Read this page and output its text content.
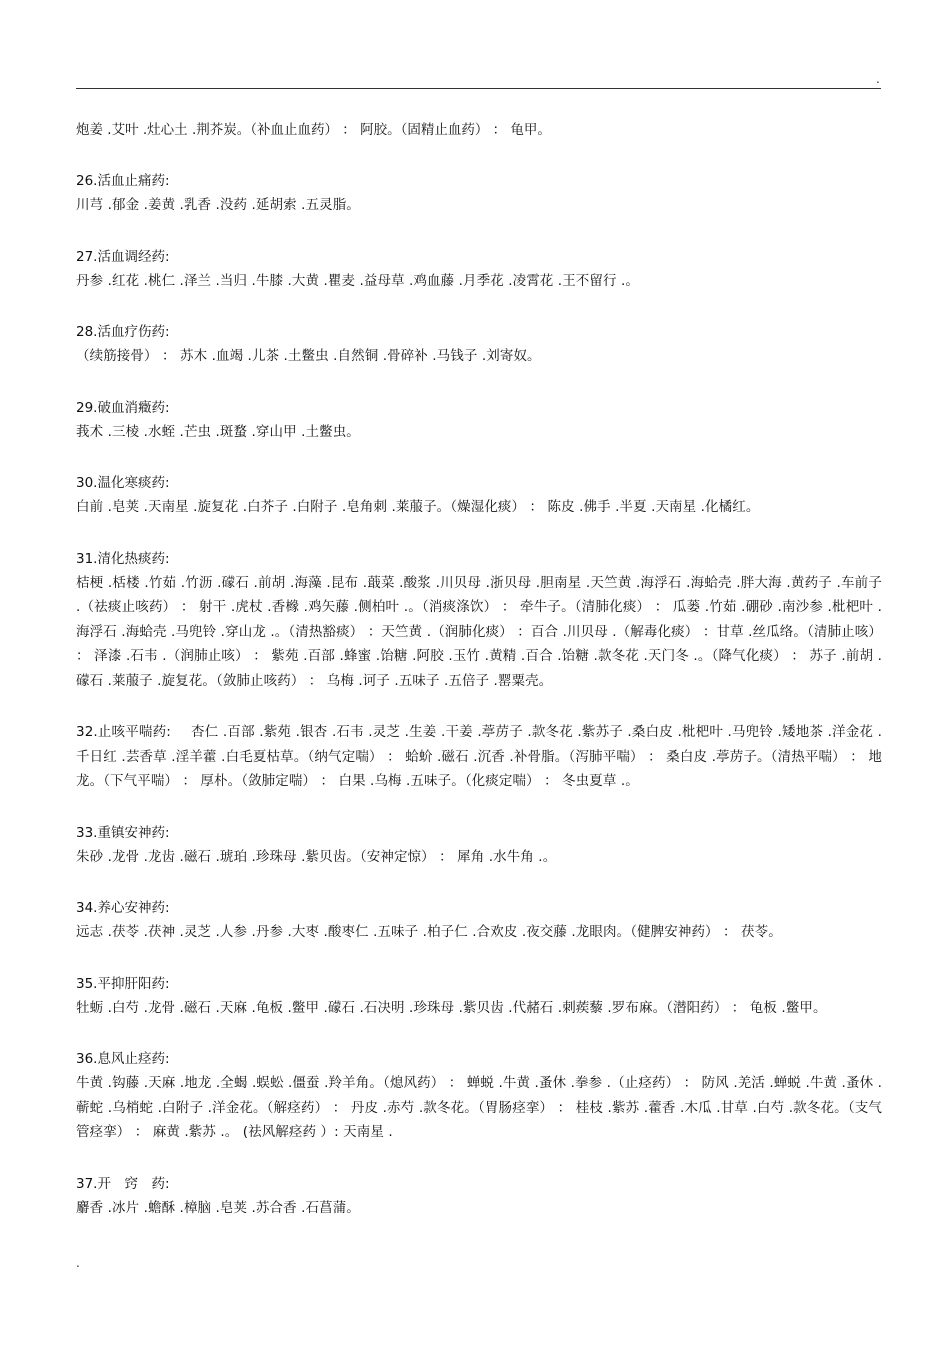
.

炮姜 .艾叶 .灶心土 .荆芥炭。（补血止血药） ： 阿胶。（固精止血药） ： 龟甲。

26.活血止痛药:

川芎 .郁金 .姜黄 .乳香 .没药 .延胡索 .五灵脂。

27.活血调经药:

丹参 .红花 .桃仁 .泽兰 .当归 .牛膝 .大黄 .瞿麦 .益母草 .鸡血藤 .月季花 .凌霄花 .王不留行 .。

28.活血疗伤药:

（续筋接骨） ： 苏木 .血竭 .儿茶 .土鳖虫 .自然铜 .骨碎补 .马钱子 .刘寄奴。

29.破血消癥药:

莪术 .三棱 .水蛭 .芒虫 .斑蝥 .穿山甲 .土鳖虫。

30.温化寒痰药:

白前 .皂荚 .天南星 .旋复花 .白芥子 .白附子 .皂角刺 .莱菔子。（燥湿化痰） ： 陈皮 .佛手 .半夏 .天南星 .化橘红。

31.清化热痰药:

桔梗 .栝楼 .竹茹 .竹沥 .礞石 .前胡 .海藻 .昆布 .蕺菜 .酸浆 .川贝母 .浙贝母 .胆南星 .天竺黄 .海浮石 .海蛤壳 .胖大海 .黄药子 .车前子 .（祛痰止咳药） ： 射干 .虎杖 .香橼 .鸡矢藤 .侧柏叶 .。（消痰涤饮） ： 牵牛子。（清肺化痰） ： 瓜蒌 .竹茹 .硼砂 .南沙参 .枇杷叶 .海浮石 .海蛤壳 .马兜铃 .穿山龙 .。（清热豁痰） ：天竺黄 .（润肺化痰） ：百合 .川贝母 .（解毒化痰） ：甘草 .丝瓜络。（清肺止咳） ： 泽漆 .石韦 .（润肺止咳） ： 紫苑 .百部 .蜂蜜 .饴糖 .阿胶 .玉竹 .黄精 .百合 .饴糖 .款冬花 .天门冬 .。（降气化痰） ： 苏子 .前胡 .礞石 .莱菔子 .旋复花。（敛肺止咳药） ： 乌梅 .诃子 .五味子 .五倍子 .罂粟壳。

32.止咳平喘药: 杏仁 .百部 .紫苑 .银杏 .石韦 .灵芝 .生姜 .干姜 .葶苈子 .款冬花 .紫苏子 .桑白皮 .枇杷叶 .马兜铃 .矮地茶 .洋金花 .千日红 .芸香草 .淫羊藿 .白毛夏枯草。（纳气定喘） ： 蛤蚧 .磁石 .沉香 .补骨脂。（泻肺平喘） ： 桑白皮 .葶苈子。（清热平喘） ： 地龙。（下气平喘） ： 厚朴。（敛肺定喘） ： 白果 .乌梅 .五味子。（化痰定喘） ： 冬虫夏草 .。

33.重镇安神药:

朱砂 .龙骨 .龙齿 .磁石 .琥珀 .珍珠母 .紫贝齿。（安神定惊） ： 犀角 .水牛角 .。

34.养心安神药:

远志 .茯苓 .茯神 .灵芝 .人参 .丹参 .大枣 .酸枣仁 .五味子 .柏子仁 .合欢皮 .夜交藤 .龙眼肉。（健脾安神药） ： 茯苓。

35.平抑肝阳药:

牡蛎 .白芍 .龙骨 .磁石 .天麻 .龟板 .鳖甲 .礞石 .石决明 .珍珠母 .紫贝齿 .代赭石 .刺蒺藜 .罗布麻。（潜阳药） ： 龟板 .鳖甲。

36.息风止痉药:

牛黄 .钩藤 .天麻 .地龙 .全蝎 .蜈蚣 .僵蚕 .羚羊角。（熄风药） ： 蝉蜕 .牛黄 .蚤休 .拳参 .（止痉药） ： 防风 .羌活 .蝉蜕 .牛黄 .蚤休 .蕲蛇 .乌梢蛇 .白附子 .洋金花。（解痉药） ： 丹皮 .赤芍 .款冬花。（胃肠痉挛） ： 桂枝 .紫苏 .藿香 .木瓜 .甘草 .白芍 .款冬花。（支气管痉挛） ： 麻黄 .紫苏 .。 (祛风解痉药 ）: 天南星 .

37.开　窍　药:

麝香 .冰片 .蟾酥 .樟脑 .皂荚 .苏合香 .石菖蒲。

.
